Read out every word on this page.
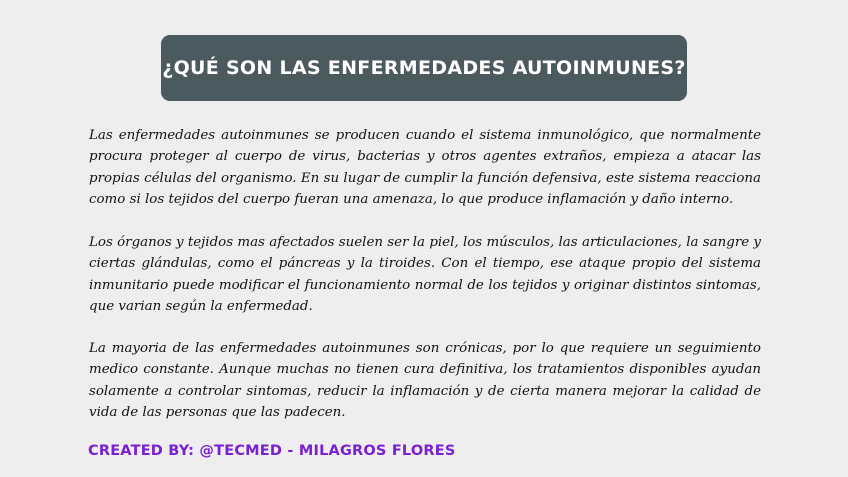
¿QUÉ SON LAS ENFERMEDADES AUTOINMUNES?

Las enfermedades autoinmunes se producen cuando el sistema inmunológico, que normalmente procura proteger al cuerpo de virus, bacterias y otros agentes extraños, empieza a atacar las propias células del organismo. En su lugar de cumplir la función defensiva, este sistema reacciona como si los tejidos del cuerpo fueran una amenaza, lo que produce inflamación y daño interno.

Los órganos y tejidos mas afectados suelen ser la piel, los músculos, las articulaciones, la sangre y ciertas glándulas, como el páncreas y la tiroides. Con el tiempo, ese ataque propio del sistema inmunitario puede modificar el funcionamiento normal de los tejidos y originar distintos sintomas, que varian según la enfermedad.

La mayoria de las enfermedades autoinmunes son crónicas, por lo que requiere un seguimiento medico constante. Aunque muchas no tienen cura definitiva, los tratamientos disponibles ayudan solamente a controlar sintomas, reducir la inflamación y de cierta manera mejorar la calidad de vida de las personas que las padecen.

CREATED BY: @TECMED - MILAGROS FLORES
